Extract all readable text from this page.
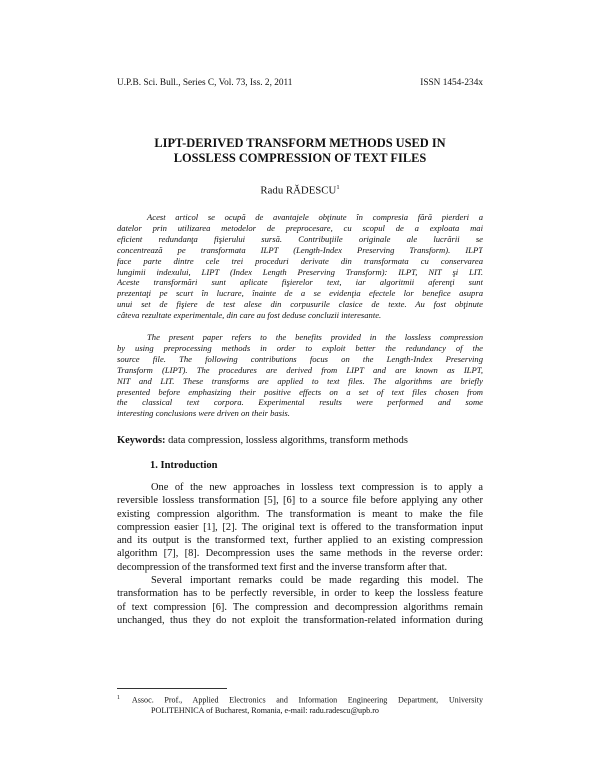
U.P.B. Sci. Bull., Series C, Vol. 73, Iss. 2, 2011	ISSN 1454-234x
LIPT-DERIVED TRANSFORM METHODS USED IN
LOSSLESS COMPRESSION OF TEXT FILES
Radu RĂDESCU$^1$
Acest articol se ocupă de avantajele obţinute în compresia fără pierderi a
datelor prin utilizarea metodelor de preprocesare, cu scopul de a exploata mai
eficient redundanţa fişierului sursă. Contribuţiile originale ale lucrării se
concentrează pe transformata ILPT (Length-Index Preserving Transform). ILPT
face parte dintre cele trei proceduri derivate din transformata cu conservarea
lungimii indexului, LIPT (Index Length Preserving Transform): ILPT, NIT şi LIT.
Aceste transformări sunt aplicate fişierelor text, iar algoritmii aferenţi sunt
prezentaţi pe scurt în lucrare, înainte de a se evidenţia efectele lor benefice asupra
unui set de fişiere de test alese din corpusurile clasice de texte. Au fost obţinute
câteva rezultate experimentale, din care au fost deduse concluzii interesante.
The present paper refers to the benefits provided in the lossless compression
by using preprocessing methods in order to exploit better the redundancy of the
source file. The following contributions focus on the Length-Index Preserving
Transform (LIPT). The procedures are derived from LIPT and are known as ILPT,
NIT and LIT. These transforms are applied to text files. The algorithms are briefly
presented before emphasizing their positive effects on a set of text files chosen from
the classical text corpora. Experimental results were performed and some
interesting conclusions were driven on their basis.
Keywords: data compression, lossless algorithms, transform methods
1. Introduction
One of the new approaches in lossless text compression is to apply a
reversible lossless transformation [5], [6] to a source file before applying any other
existing compression algorithm. The transformation is meant to make the file
compression easier [1], [2]. The original text is offered to the transformation input
and its output is the transformed text, further applied to an existing compression
algorithm [7], [8]. Decompression uses the same methods in the reverse order:
decompression of the transformed text first and the inverse transform after that.
Several important remarks could be made regarding this model. The
transformation has to be perfectly reversible, in order to keep the lossless feature
of text compression [6]. The compression and decompression algorithms remain
unchanged, thus they do not exploit the transformation-related information during
$^1$ Assoc. Prof., Applied Electronics and Information Engineering Department, University
POLITEHNICA of Bucharest, Romania, e-mail: radu.radescu@upb.ro
